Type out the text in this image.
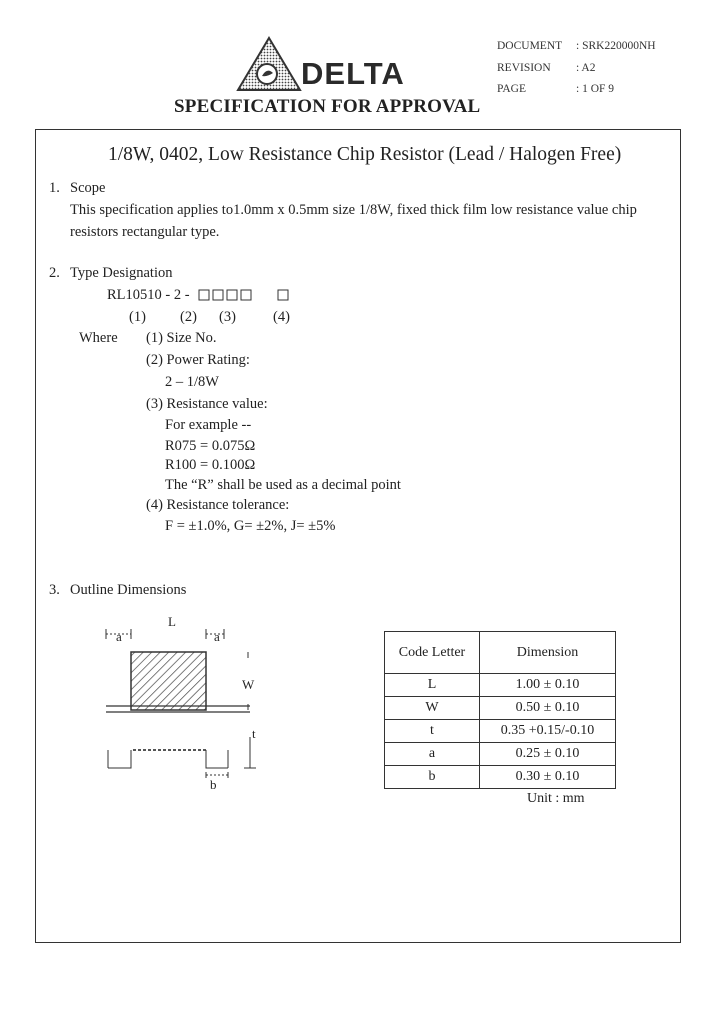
DELTA
SPECIFICATION FOR APPROVAL
DOCUMENT : SRK220000NH
REVISION : A2
PAGE	: 1 OF 9
1/8W, 0402, Low Resistance Chip Resistor (Lead / Halogen Free)
1. Scope
This specification applies to1.0mm x 0.5mm size 1/8W, fixed thick film low resistance value chip
resistors rectangular type.
2. Type Designation
RL10510 - 2 -
(1) (2) (3)	(4)
Where (1) Size No.
(2) Power Rating:
2 – 1/8W
(3) Resistance value:
For example --
R075 = 0.075Ω
R100 = 0.100Ω
The “R” shall be used as a decimal point
(4) Resistance tolerance:
F = ±1.0%, G= ±2%, J= ±5%
3. Outline Dimensions
L
a	a
W
t
b
Code Letter	Dimension
L	1.00 ± 0.10
W	0.50 ± 0.10
t	0.35 +0.15/-0.10
a	0.25 ± 0.10
b	0.30 ± 0.10
Unit : mm
